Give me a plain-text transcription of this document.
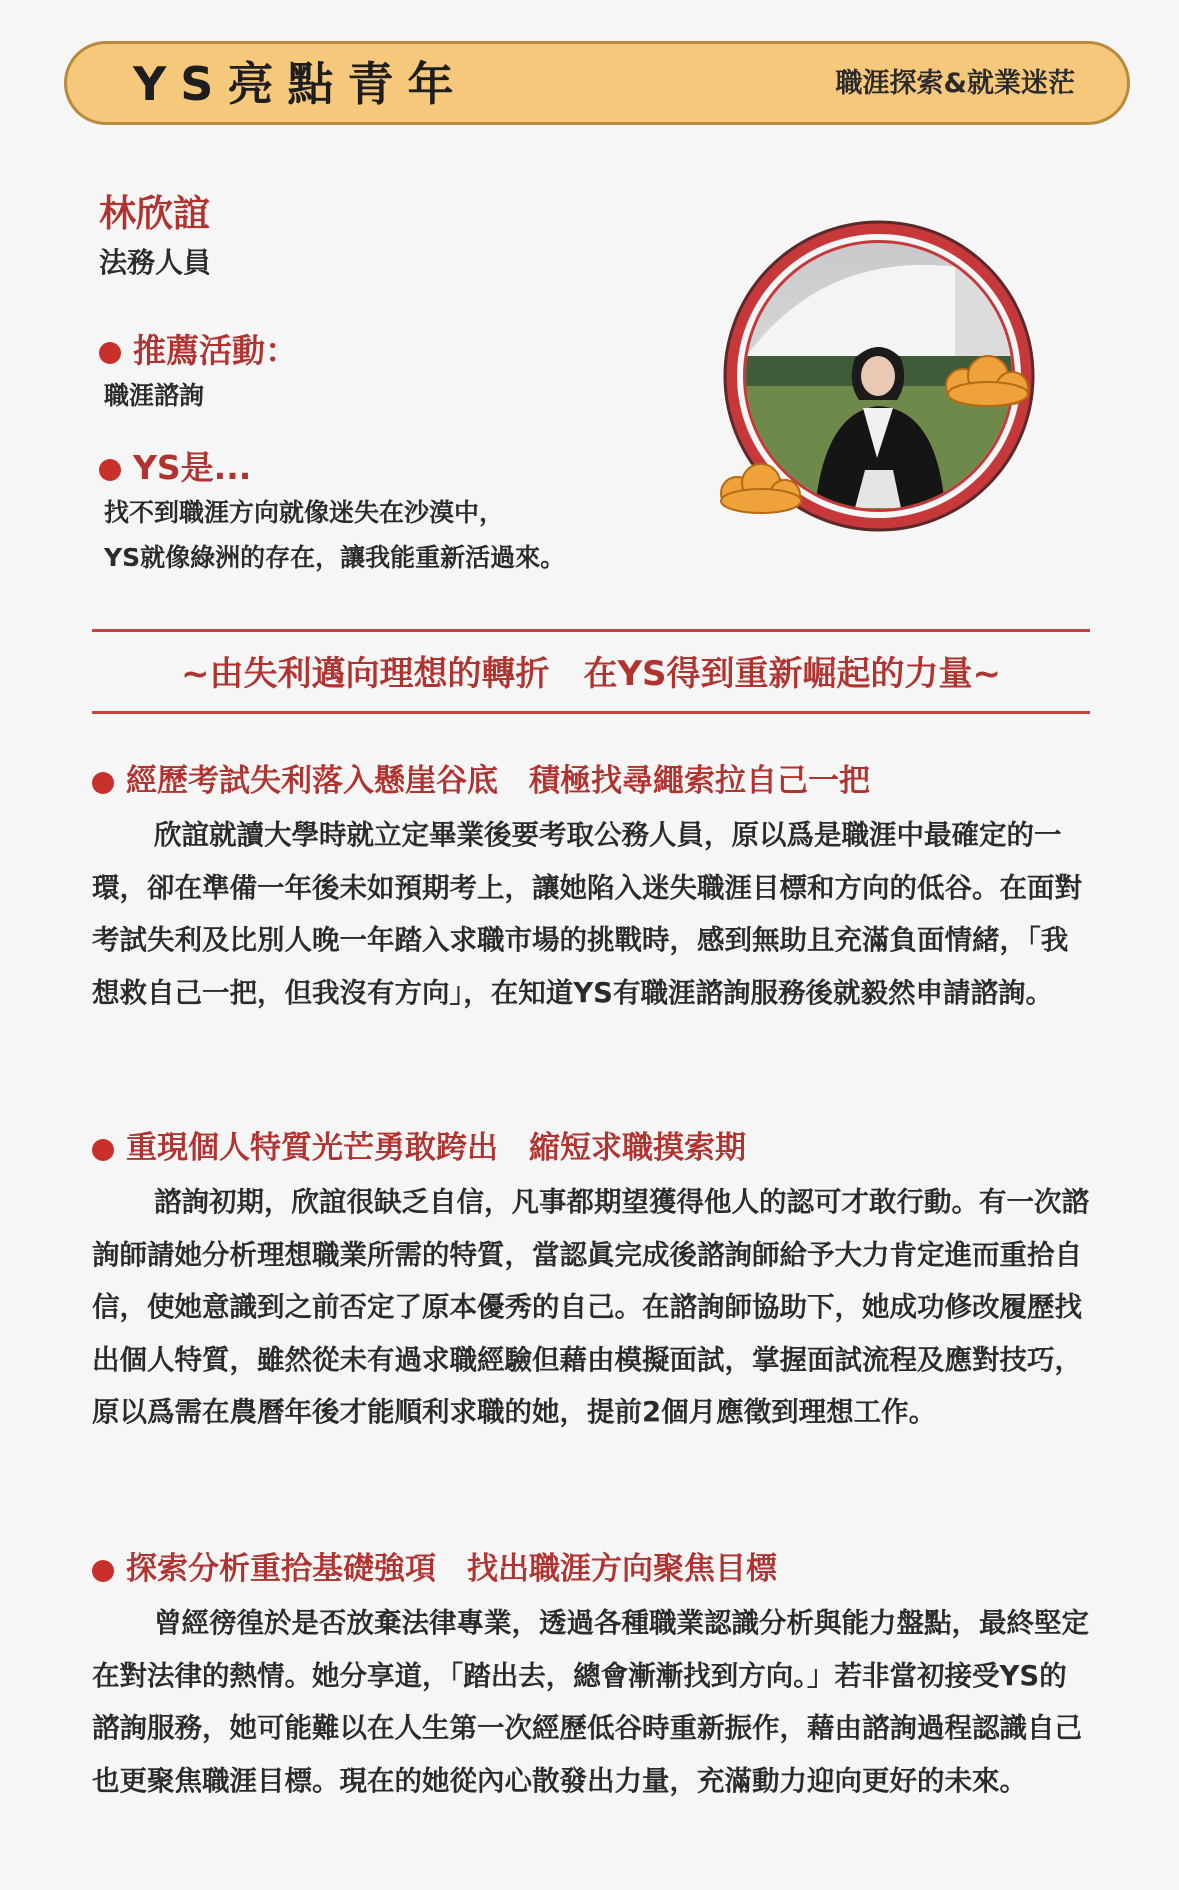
YS亮點青年	職涯探索&就業迷茫
林欣誼
法務人員
推薦活動：
職涯諮詢
YS是...
找不到職涯方向就像迷失在沙漠中，
YS就像綠洲的存在，讓我能重新活過來。
~由失利邁向理想的轉折　在YS得到重新崛起的力量~
經歷考試失利落入懸崖谷底　積極找尋繩索拉自己一把

欣誼就讀大學時就立定畢業後要考取公務人員，原以爲是職涯中最確定的一環，卻在準備一年後未如預期考上，讓她陷入迷失職涯目標和方向的低谷。在面對考試失利及比別人晚一年踏入求職市場的挑戰時，感到無助且充滿負面情緒，「我想救自己一把，但我沒有方向」，在知道YS有職涯諮詢服務後就毅然申請諮詢。

重現個人特質光芒勇敢跨出　縮短求職摸索期

諮詢初期，欣誼很缺乏自信，凡事都期望獲得他人的認可才敢行動。有一次諮詢師請她分析理想職業所需的特質，當認眞完成後諮詢師給予大力肯定進而重拾自信，使她意識到之前否定了原本優秀的自己。在諮詢師協助下，她成功修改履歷找出個人特質，雖然從未有過求職經驗但藉由模擬面試，掌握面試流程及應對技巧，原以爲需在農曆年後才能順利求職的她，提前2個月應徵到理想工作。

探索分析重拾基礎強項　找出職涯方向聚焦目標

曾經徬徨於是否放棄法律專業，透過各種職業認識分析與能力盤點，最終堅定在對法律的熱情。她分享道，「踏出去，總會漸漸找到方向。」若非當初接受YS的諮詢服務，她可能難以在人生第一次經歷低谷時重新振作，藉由諮詢過程認識自己也更聚焦職涯目標。現在的她從內心散發出力量，充滿動力迎向更好的未來。
